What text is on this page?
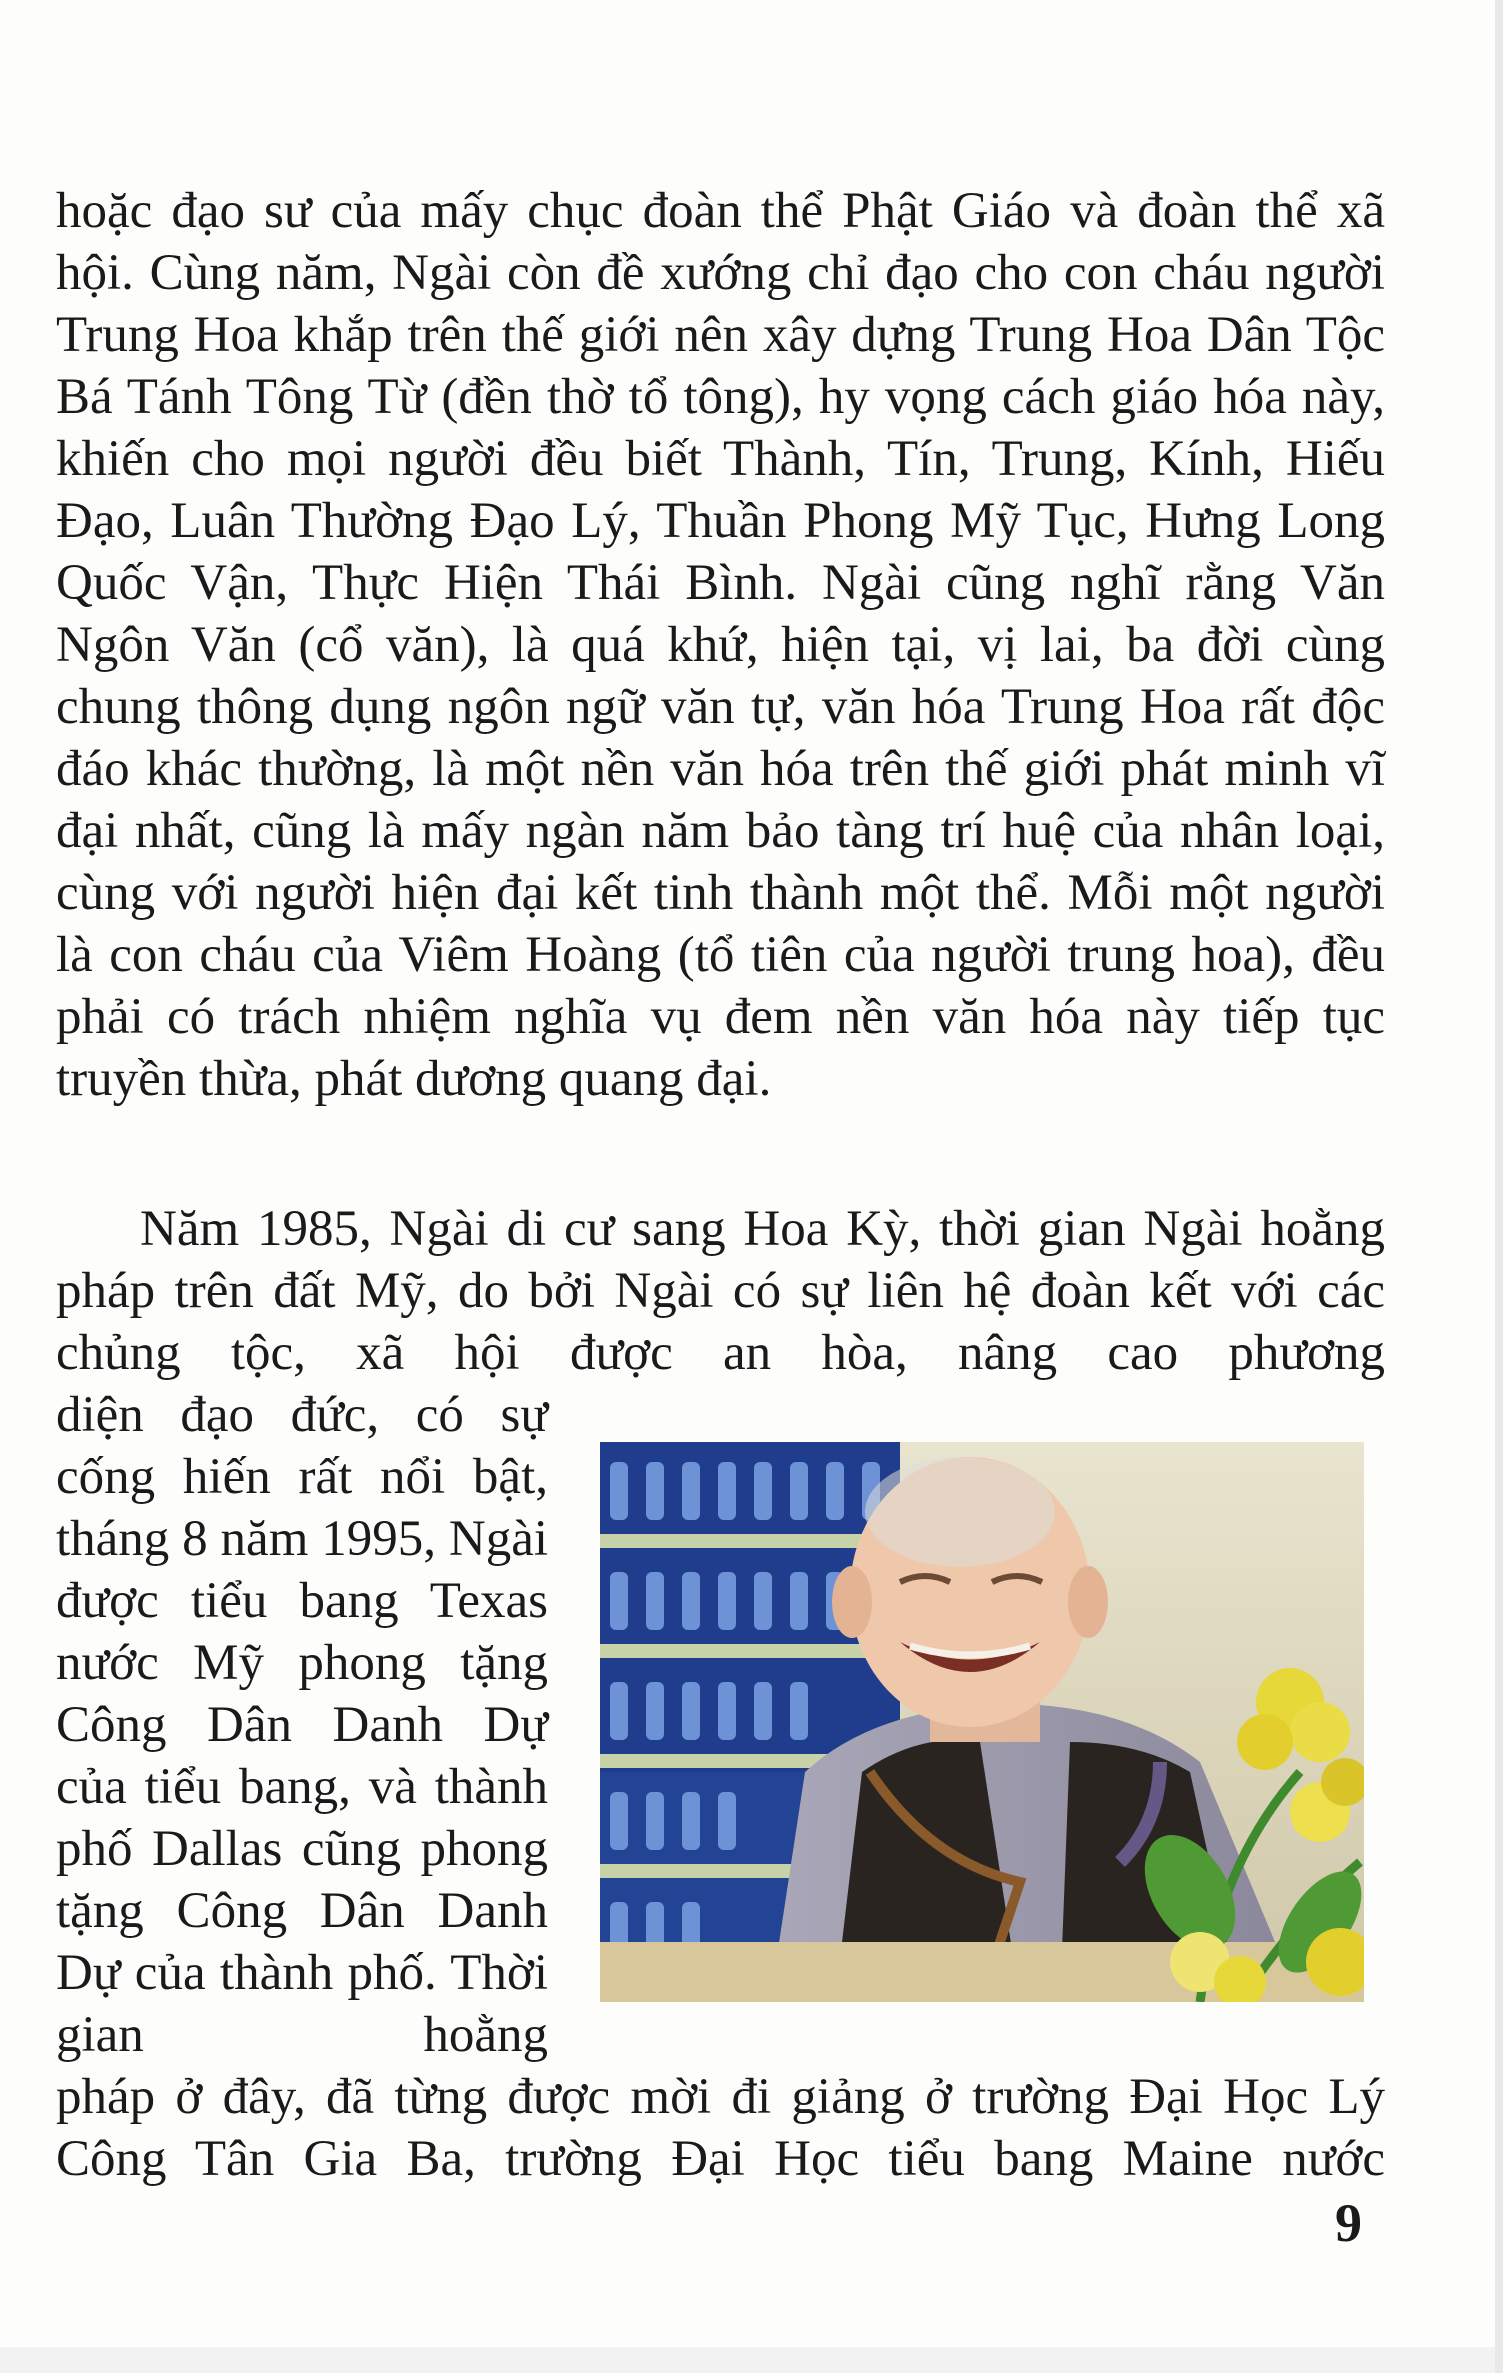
hoặc đạo sư của mấy chục đoàn thể Phật Giáo và đoàn thể xã hội. Cùng năm, Ngài còn đề xướng chỉ đạo cho con cháu người Trung Hoa khắp trên thế giới nên xây dựng Trung Hoa Dân Tộc Bá Tánh Tông Từ (đền thờ tổ tông), hy vọng cách giáo hóa này, khiến cho mọi người đều biết Thành, Tín, Trung, Kính, Hiếu Đạo, Luân Thường Đạo Lý, Thuần Phong Mỹ Tục, Hưng Long Quốc Vận, Thực Hiện Thái Bình. Ngài cũng nghĩ rằng Văn Ngôn Văn (cổ văn), là quá khứ, hiện tại, vị lai, ba đời cùng chung thông dụng ngôn ngữ văn tự, văn hóa Trung Hoa rất độc đáo khác thường, là một nền văn hóa trên thế giới phát minh vĩ đại nhất, cũng là mấy ngàn năm bảo tàng trí huệ của nhân loại, cùng với người hiện đại kết tinh thành một thể. Mỗi một người là con cháu của Viêm Hoàng (tổ tiên của người trung hoa), đều phải có trách nhiệm nghĩa vụ đem nền văn hóa này tiếp tục truyền thừa, phát dương quang đại.

Năm 1985, Ngài di cư sang Hoa Kỳ, thời gian Ngài hoằng pháp trên đất Mỹ, do bởi Ngài có sự liên hệ đoàn kết với các chủng tộc, xã hội được an hòa, nâng cao phương

diện đạo đức, có sự cống hiến rất nổi bật, tháng 8 năm 1995, Ngài được tiểu bang Texas nước Mỹ phong tặng Công Dân Danh Dự của tiểu bang, và thành phố Dallas cũng phong tặng Công Dân Danh Dự của thành phố. Thời gian hoằng

pháp ở đây, đã từng được mời đi giảng ở trường Đại Học Lý Công Tân Gia Ba, trường Đại Học tiểu bang Maine nước

9
